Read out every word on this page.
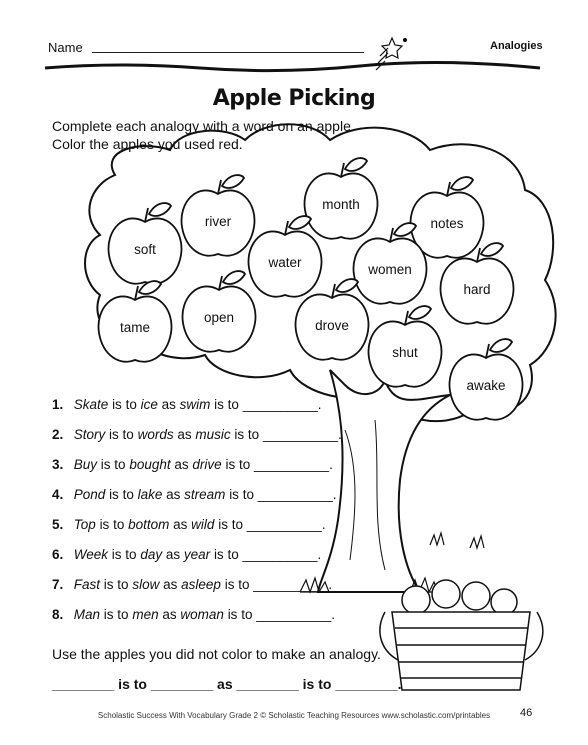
Name	Analogies
Apple Picking
Complete each analogy with a word on an apple.
Color the apples you used red.
month
river	notes
soft
water	women
hard
open
tame	drove
shut
awake
1. Skate is to ice as swim is to __________.
2. Story is to words as music is to __________.
3. Buy is to bought as drive is to __________.
4. Pond is to lake as stream is to __________.
5. Top is to bottom as wild is to __________.
6. Week is to day as year is to __________.
7. Fast is to slow as asleep is to __________.
8. Man is to men as woman is to __________.
Use the apples you did not color to make an analogy.
________ is to ________ as ________ is to ________.
Scholastic Success With Vocabulary Grade 2 © Scholastic Teaching Resources www.scholastic.com/printables	46
